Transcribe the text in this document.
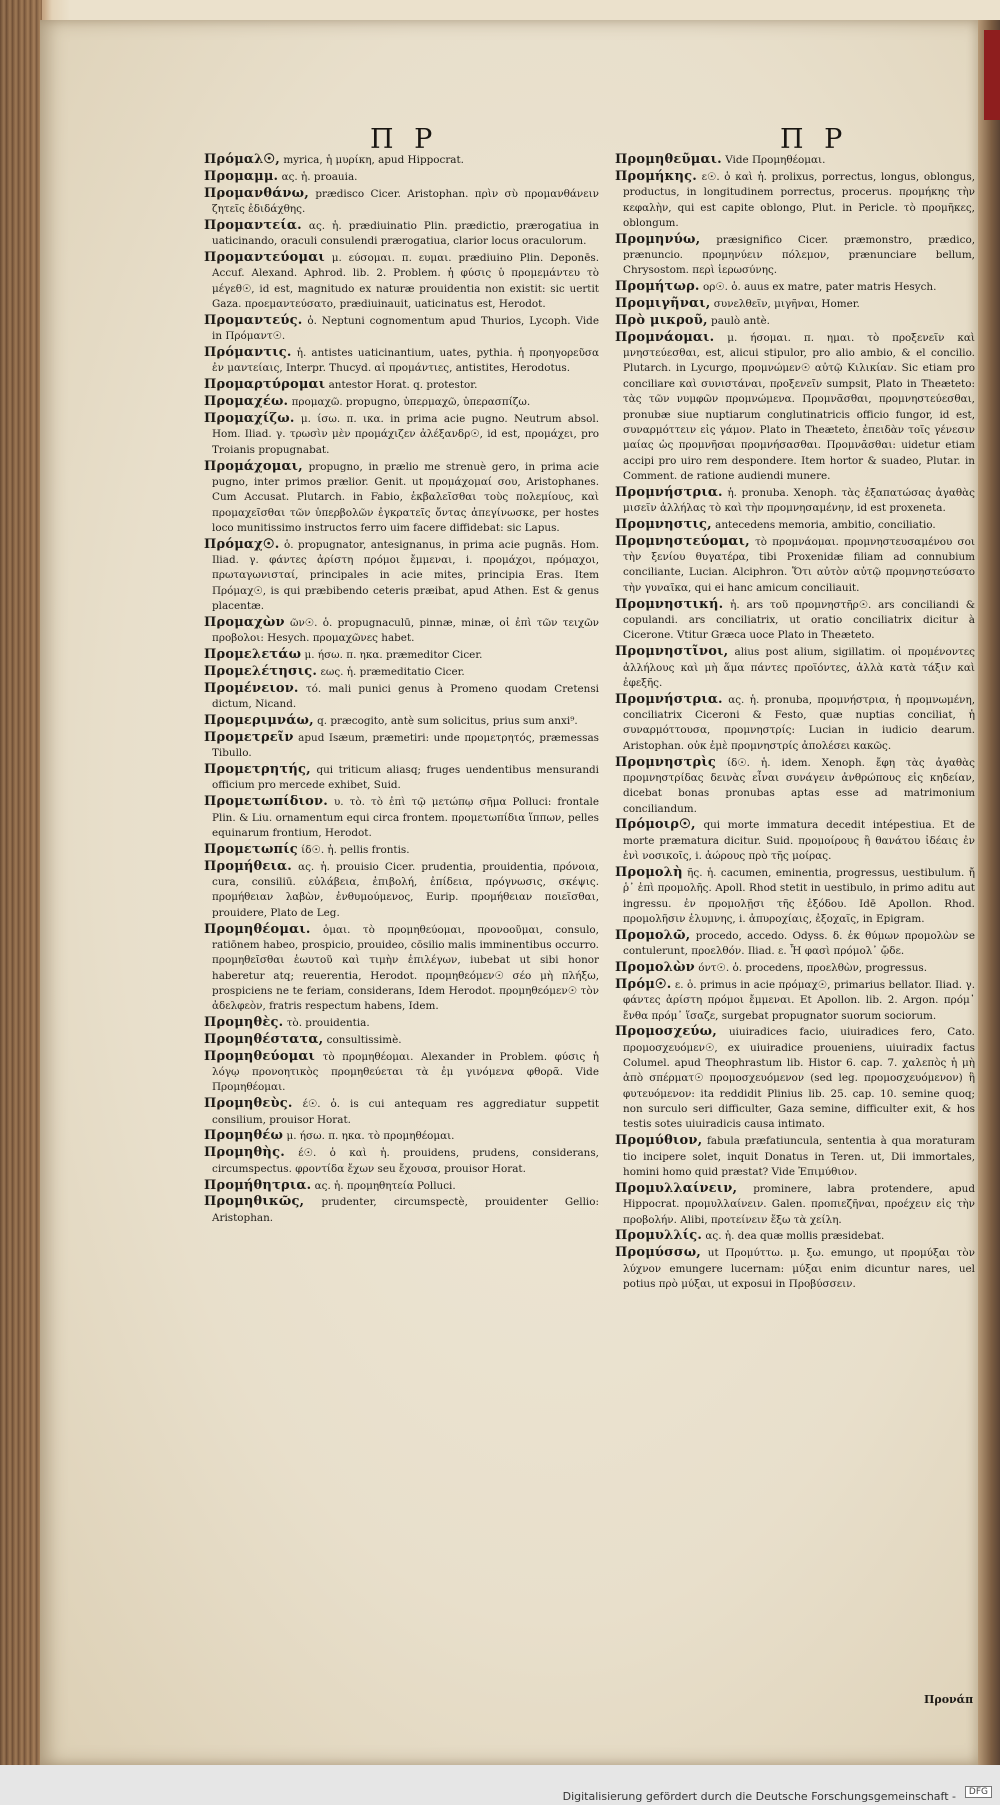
Π Ρ	Π Ρ

Πρόμαλ☉, myrica, ἡ μυρίκη, apud Hippocrat.

Προμαμμ. ας. ἡ. proauia.

Προμανθάνω, prædisco Cicer. Aristophan. πρὶν σὺ προμανθάνειν ζητεῖς ἐδιδάχθης.

Προμαντεία. ας. ἡ. prædiuinatio Plin. prædictio, prærogatiua in uaticinando, oraculi consulendi prærogatiua, clarior locus oraculorum.

Προμαντεύομαι μ. εύσομαι. π. ευμαι. prædiuino Plin. Deponēs. Accuf. Alexand. Aphrod. lib. 2. Problem. ἡ φύσις ὑ προμεμάντευ τὸ μέγεθ☉, id est, magnitudo ex naturæ prouidentia non existit: sic uertit Gaza. προεμαντεύσατο, prædiuinauit, uaticinatus est, Herodot.

Προμαντεύς. ὁ. Neptuni cognomentum apud Thurios, Lycoph. Vide in Πρόμαντ☉.

Πρόμαντις. ἡ. antistes uaticinantium, uates, pythia. ἡ προηγορεῦσα ἐν μαντείαις, Interpr. Thucyd. αἱ προμάντιες, antistites, Herodotus.

Προμαρτύρομαι antestor Horat. q. protestor.

Προμαχέω. προμαχῶ. propugno, ὑπερμαχῶ, ὑπερασπίζω.

Προμαχίζω. μ. ίσω. π. ικα. in prima acie pugno. Neutrum absol. Hom. Iliad. γ. τρωσὶν μὲν προμάχιζεν ἀλέξανδρ☉, id est, προμάχει, pro Troianis propugnabat.

Προμάχομαι, propugno, in prælio me strenuè gero, in prima acie pugno, inter primos prælior. Genit. ut προμάχομαί σου, Aristophanes. Cum Accusat. Plutarch. in Fabio, ἐκβαλεῖσθαι τοὺς πολεμίους, καὶ προμαχεῖσθαι τῶν ὑπερβολῶν ἐγκρατεῖς ὄντας ἀπεγίνωσκε, per hostes loco munitissimo instructos ferro uim facere diffidebat: sic Lapus.

Πρόμαχ☉. ὁ. propugnator, antesignanus, in prima acie pugnās. Hom. Iliad. γ. φάντες ἀρίστη πρόμοι ἔμμεναι, i. προμάχοι, πρόμαχοι, πρωταγωνισταί, principales in acie mites, principia Eras. Item Πρόμαχ☉, is qui præbibendo ceteris præibat, apud Athen. Est & genus placentæ.

Προμαχὼν ῶν☉. ὁ. propugnaculū, pinnæ, minæ, οἱ ἐπὶ τῶν τειχῶν προβολοι: Hesych. προμαχῶνες habet.

Προμελετάω μ. ήσω. π. ηκα. præmeditor Cicer.

Προμελέτησις. εως. ἡ. præmeditatio Cicer.

Προμένειον. τό. mali punici genus à Promeno quodam Cretensi dictum, Nicand.

Προμεριμνάω, q. præcogito, antè sum solicitus, prius sum anxi⁹.

Προμετρεῖν apud Isæum, præmetiri: unde προμετρητός, præmessas Tibullo.

Προμετρητής, qui triticum aliasq; fruges uendentibus mensurandi officium pro mercede exhibet, Suid.

Προμετωπίδιον. υ. τὸ. τὸ ἐπὶ τῷ μετώπῳ σῆμα Polluci: frontale Plin. & Liu. ornamentum equi circa frontem. προμετωπίδια ἵππων, pelles equinarum frontium, Herodot.

Προμετωπίς ίδ☉. ἡ. pellis frontis.

Προμήθεια. ας. ἡ. prouisio Cicer. prudentia, prouidentia, πρόνοια, cura, consiliū. εὐλάβεια, ἐπιβολή, ἐπίδεια, πρόγνωσις, σκέψις. προμήθειαν λαβὼν, ἐνθυμούμενος, Eurip. προμήθειαν ποιεῖσθαι, prouidere, Plato de Leg.

Προμηθέομαι. ὁμαι. τὸ προμηθεύομαι, προνοοῦμαι, consulo, ratiōnem habeo, prospicio, prouideo, cōsilio malis imminentibus occurro. προμηθεῖσθαι ἑωυτοῦ καὶ τιμὴν ἐπιλέγων, iubebat ut sibi honor haberetur atq; reuerentia, Herodot. προμηθεόμεν☉ σέο μὴ πλήξω, prospiciens ne te feriam, considerans, Idem Herodot. προμηθεόμεν☉ τὸν ἀδελφεὸν, fratris respectum habens, Idem.

Προμηθὲς. τὸ. prouidentia.

Προμηθέστατα, consultissimè.

Προμηθεύομαι τὸ προμηθέομαι. Alexander in Problem. φύσις ἡ λόγῳ προνοητικὸς προμηθεύεται τὰ ἐμ γινόμενα φθορᾶ. Vide Προμηθέομαι.

Προμηθεὺς. έ☉. ὁ. is cui antequam res aggrediatur suppetit consilium, prouisor Horat.

Προμηθέω μ. ήσω. π. ηκα. τὸ προμηθέομαι.

Προμηθὴς. έ☉. ὁ καὶ ἡ. prouidens, prudens, considerans, circumspectus. φροντίδα ἔχων seu ἔχουσα, prouisor Horat.

Προμήθητρια. ας. ἡ. προμηθητεία Polluci.

Προμηθικῶς, prudenter, circumspectè, prouidenter Gellio: Aristophan.

Προμηθεῦμαι. Vide Προμηθέομαι.

Προμήκης. ε☉. ὁ καὶ ἡ. prolixus, porrectus, longus, oblongus, productus, in longitudinem porrectus, procerus. προμήκης τὴν κεφαλὴν, qui est capite oblongo, Plut. in Pericle. τὸ προμῆκες, oblongum.

Προμηνύω, præsignifico Cicer. præmonstro, prædico, prænuncio. προμηνύειν πόλεμον, prænunciare bellum, Chrysostom. περὶ ἱερωσύνης.

Προμήτωρ. ορ☉. ὁ. auus ex matre, pater matris Hesych.

Προμιγῆναι, συνελθεῖν, μιγῆναι, Homer.

Πρὸ μικροῦ, paulò antè.

Προμνάομαι. μ. ήσομαι. π. ημαι. τὸ προξενεῖν καὶ μνηστεύεσθαι, est, alicui stipulor, pro alio ambio, & el concilio. Plutarch. in Lycurgo, προμνώμεν☉ αὐτῷ Κιλικίαν. Sic etiam pro conciliare καὶ συνιστάναι, προξενεῖν sumpsit, Plato in Theæteto: τὰς τῶν νυμφῶν προμνώμενα. Προμνᾶσθαι, προμνηστεύεσθαι, pronubæ siue nuptiarum conglutinatricis officio fungor, id est, συναρμόττειν εἰς γάμον. Plato in Theæteto, ἐπειδὰν τοῖς γένεσιν μαίας ὡς προμνῆσαι προμνήσασθαι. Προμνᾶσθαι: uidetur etiam accipi pro uiro rem despondere. Item hortor & suadeo, Plutar. in Comment. de ratione audiendi munere.

Προμνήστρια. ἡ. pronuba. Xenoph. τὰς ἐξαπατώσας ἀγαθὰς μισεῖν ἀλλήλας τὸ καὶ τὴν προμνησαμένην, id est proxeneta.

Προμνηστις, antecedens memoria, ambitio, conciliatio.

Προμνηστεύομαι, τὸ προμνάομαι. προμνηστευσαμένου σοι τὴν ξενίου θυγατέρα, tibi Proxenidæ filiam ad connubium conciliante, Lucian. Alciphron. Ὅτι αὐτὸν αὐτῷ προμνηστεύσατο τὴν γυναῖκα, qui ei hanc amicum conciliauit.

Προμνηστική. ἡ. ars τοῦ προμνηστῆρ☉. ars conciliandi & copulandi. ars conciliatrix, ut oratio conciliatrix dicitur à Cicerone. Vtitur Græca uoce Plato in Theæteto.

Προμνηστῖνοι, alius post alium, sigillatim. οἱ προμένοντες ἀλλήλους καὶ μὴ ἅμα πάντες προϊόντες, ἀλλὰ κατὰ τάξιν καὶ ἐφεξῆς.

Προμνήστρια. ας. ἡ. pronuba, προμνήστρια, ἡ προμνωμένη, conciliatrix Ciceroni & Festo, quæ nuptias conciliat, ἡ συναρμόττουσα, προμνηστρίς: Lucian in iudicio dearum. Aristophan. οὐκ ἐμὲ προμνηστρίς ἀπολέσει κακῶς.

Προμνηστρὶς ίδ☉. ἡ. idem. Xenoph. ἔφη τὰς ἀγαθὰς προμνηστρίδας δεινὰς εἶναι συνάγειν ἀνθρώπους εἰς κηδείαν, dicebat bonas pronubas aptas esse ad matrimonium conciliandum.

Πρόμοιρ☉, qui morte immatura decedit intépestiua. Et de morte præmatura dicitur. Suid. προμοίρους ἢ θανάτου ἰδέαις ἐν ἑνὶ νοσικοῖς, i. ἀώρους πρὸ τῆς μοίρας.

Προμολὴ ῆς. ἡ. cacumen, eminentia, progressus, uestibulum. ἤ ῥ᾽ ἐπὶ προμολῆς. Apoll. Rhod stetit in uestibulo, in primo aditu aut ingressu. ἐν προμολῇσι τῆς ἐξόδου. Idē Apollon. Rhod. προμολῆσιν ἐλυμνης, i. ἀπυροχίαις, ἐξοχαῖς, in Epigram.

Προμολῶ, procedo, accedo. Odyss. δ. ἐκ θύμων προμολὼν se contulerunt, προελθόν. Iliad. ε. Ἦ φασὶ πρόμολ᾽ ᾤδε.

Προμολὼν όντ☉. ὁ. procedens, προελθὼν, progressus.

Πρόμ☉. ε. ὁ. primus in acie πρόμαχ☉, primarius bellator. Iliad. γ. φάντες ἀρίστη πρόμοι ἔμμεναι. Et Apollon. lib. 2. Argon. πρόμ᾽ ἔνθα πρόμ᾽ ἵσαζε, surgebat propugnator suorum sociorum.

Προμοσχεύω, uiuiradices facio, uiuiradices fero, Cato. προμοσχευόμεν☉, ex uiuiradice proueniens, uiuiradix factus Columel. apud Theophrastum lib. Histor 6. cap. 7. χαλεπὸς ἡ μὴ ἀπὸ σπέρματ☉ προμοσχευόμενον (sed leg. προμοσχευόμενον) ἢ φυτευόμενον: ita reddidit Plinius lib. 25. cap. 10. semine quoq; non surculo seri difficulter, Gaza semine, difficulter exit, & hos testis sotes uiuiradicis causa intimato.

Προμύθιον, fabula præfatiuncula, sententia à qua moraturam tio incipere solet, inquit Donatus in Teren. ut, Dii immortales, homini homo quid præstat? Vide Ἐπιμύθιον.

Προμυλλαίνειν, prominere, labra protendere, apud Hippocrat. προμυλλαίνειν. Galen. προπιεζῆναι, προέχειν εἰς τὴν προβολήν. Alibi, προτείνειν ἔξω τὰ χείλη.

Προμυλλίς. ας. ἡ. dea quæ mollis præsidebat.

Προμύσσω, ut Προμύττω. μ. ξω. emungo, ut προμύξαι τὸν λύχνον emungere lucernam: μύξαι enim dicuntur nares, uel potius πρὸ μύξαι, ut exposui in Προβύσσειν.

Προνάπ
Digitalisierung gefördert durch die Deutsche Forschungsgemeinschaft -	DFG
